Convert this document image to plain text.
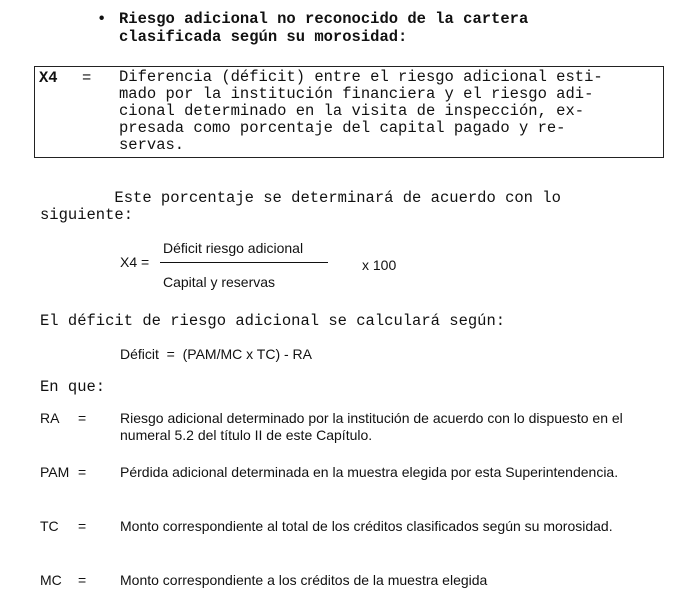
• Riesgo adicional no reconocido de la cartera
clasificada según su morosidad:
X4 = Diferencia (déficit) entre el riesgo adicional esti-
mado por la institución financiera y el riesgo adi-
cional determinado en la visita de inspección, ex-
presada como porcentaje del capital pagado y re-
servas.
Este porcentaje se determinará de acuerdo con lo
siguiente:
X4 =
Déficit riesgo adicional
Capital y reservas
x 100
El déficit de riesgo adicional se calculará según:
Déficit  =  (PAM/MC x TC) - RA
En que:
RA = Riesgo adicional determinado por la institución de acuerdo con lo dispuesto en el numeral 5.2 del título II de este Capítulo.
PAM = Pérdida adicional determinada en la muestra elegida por esta Superintendencia.
TC = Monto correspondiente al total de los créditos clasificados según su morosidad.
MC = Monto correspondiente a los créditos de la muestra elegida
